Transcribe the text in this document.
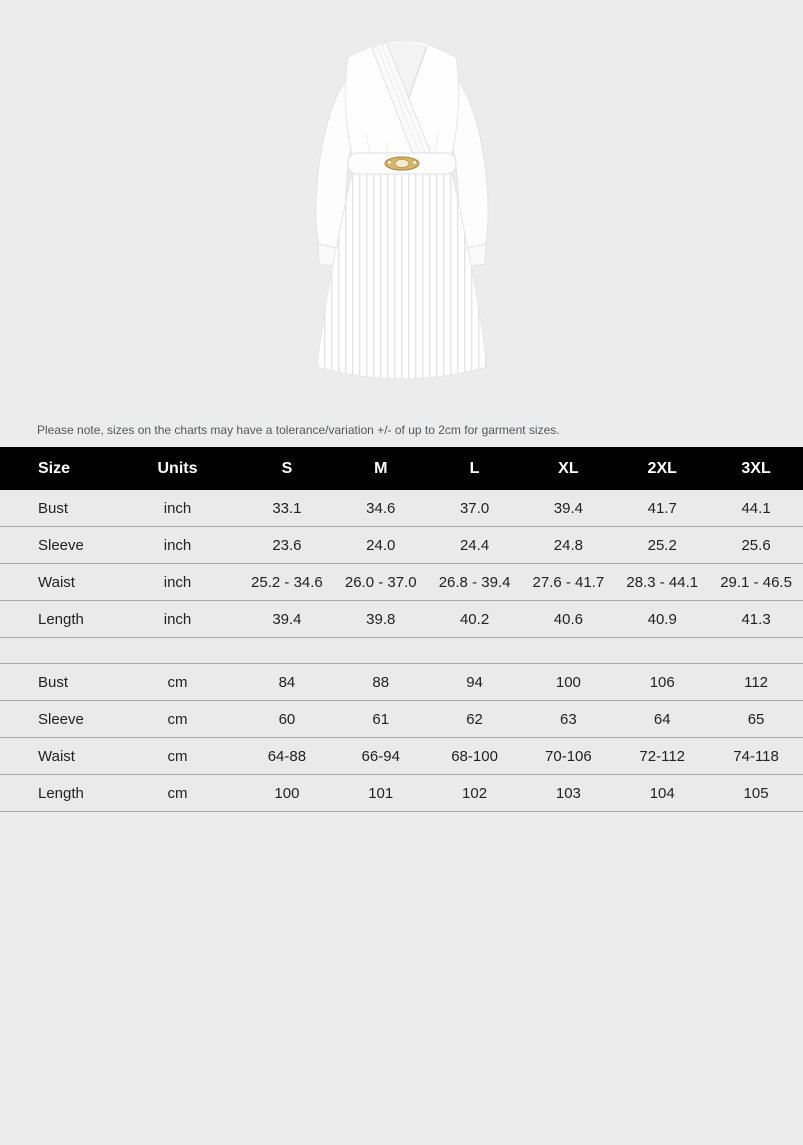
Please note, sizes on the charts may have a tolerance/variation +/- of up to 2cm for garment sizes.
Size	Units	S	M	L	XL	2XL	3XL
Bust	inch	33.1	34.6	37.0	39.4	41.7	44.1
Sleeve	inch	23.6	24.0	24.4	24.8	25.2	25.6
Waist	inch	25.2 - 34.6	26.0 - 37.0	26.8 - 39.4	27.6 - 41.7	28.3 - 44.1	29.1 - 46.5
Length	inch	39.4	39.8	40.2	40.6	40.9	41.3

Bust	cm	84	88	94	100	106	112
Sleeve	cm	60	61	62	63	64	65
Waist	cm	64-88	66-94	68-100	70-106	72-112	74-118
Length	cm	100	101	102	103	104	105
